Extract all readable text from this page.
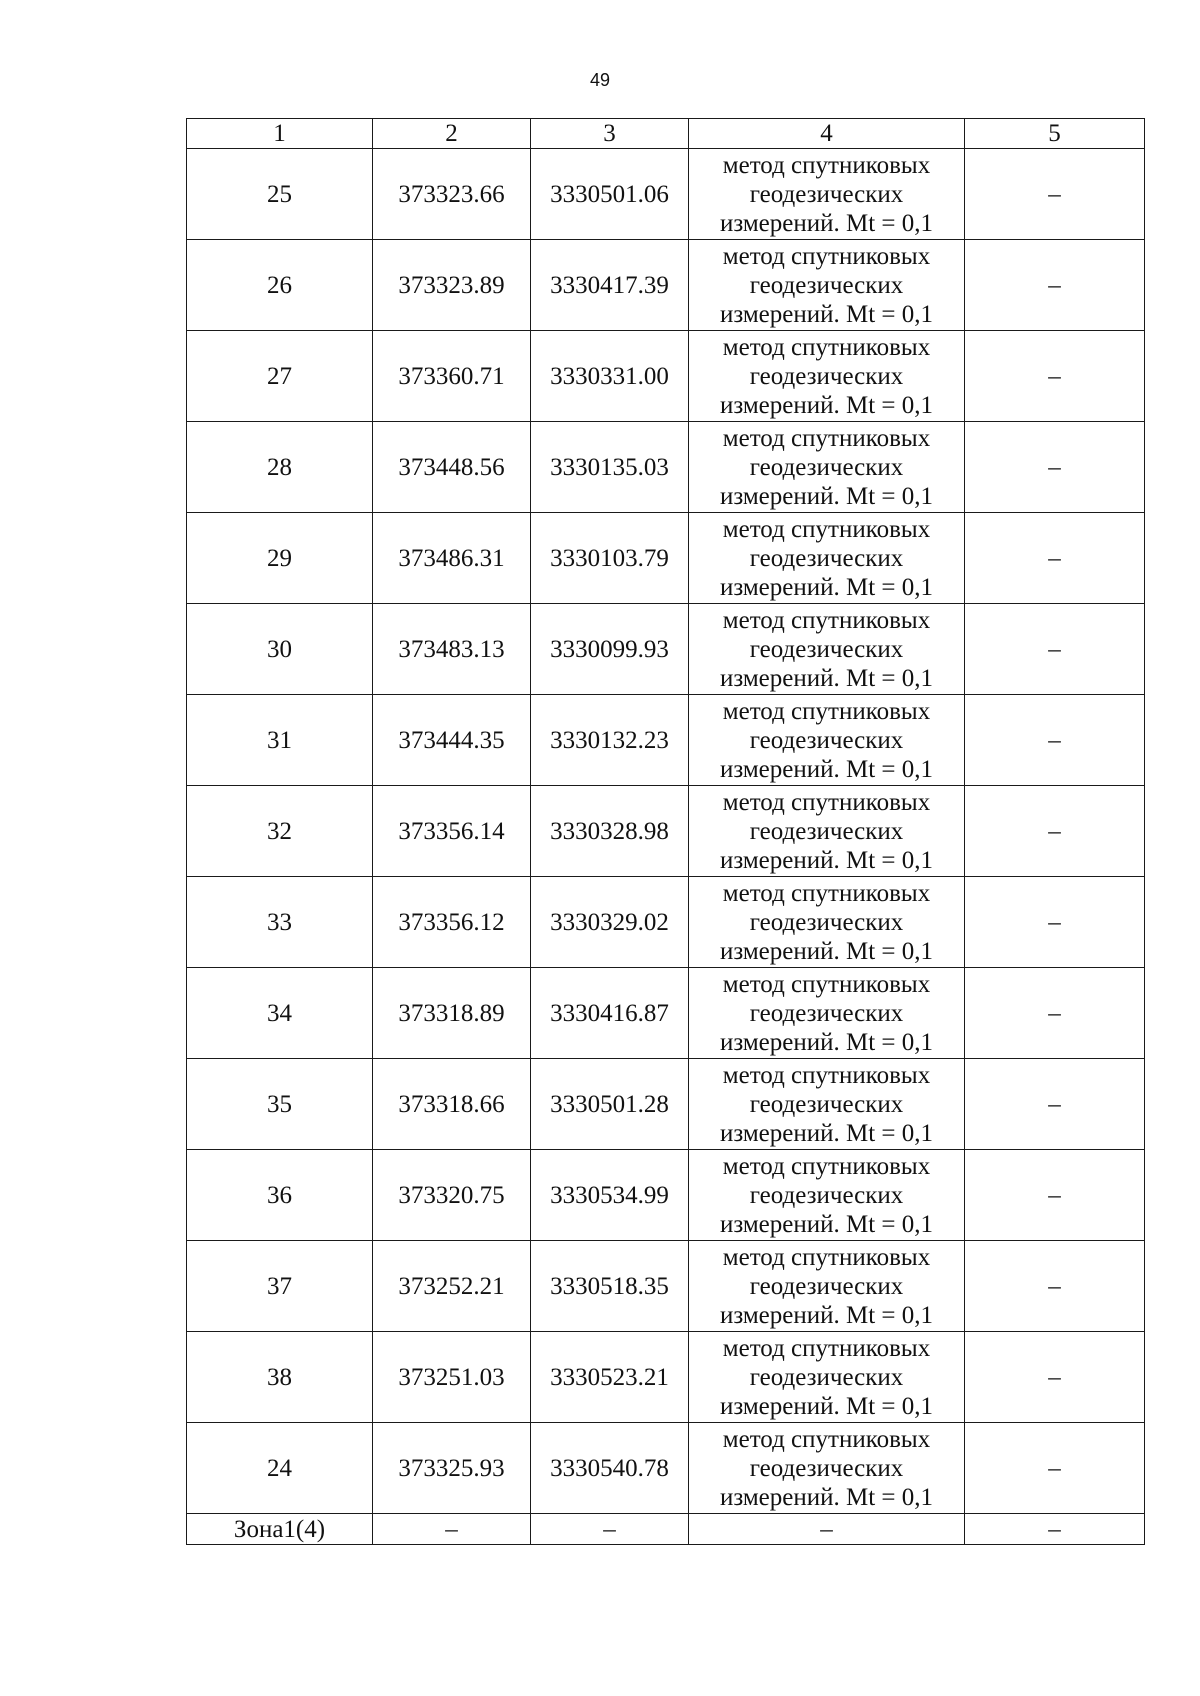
49
1	2	3	4	5
25	373323.66	3330501.06	метод спутниковых
геодезических
измерений. Mt = 0,1	–
26	373323.89	3330417.39	метод спутниковых
геодезических
измерений. Mt = 0,1	–
27	373360.71	3330331.00	метод спутниковых
геодезических
измерений. Mt = 0,1	–
28	373448.56	3330135.03	метод спутниковых
геодезических
измерений. Mt = 0,1	–
29	373486.31	3330103.79	метод спутниковых
геодезических
измерений. Mt = 0,1	–
30	373483.13	3330099.93	метод спутниковых
геодезических
измерений. Mt = 0,1	–
31	373444.35	3330132.23	метод спутниковых
геодезических
измерений. Mt = 0,1	–
32	373356.14	3330328.98	метод спутниковых
геодезических
измерений. Mt = 0,1	–
33	373356.12	3330329.02	метод спутниковых
геодезических
измерений. Mt = 0,1	–
34	373318.89	3330416.87	метод спутниковых
геодезических
измерений. Mt = 0,1	–
35	373318.66	3330501.28	метод спутниковых
геодезических
измерений. Mt = 0,1	–
36	373320.75	3330534.99	метод спутниковых
геодезических
измерений. Mt = 0,1	–
37	373252.21	3330518.35	метод спутниковых
геодезических
измерений. Mt = 0,1	–
38	373251.03	3330523.21	метод спутниковых
геодезических
измерений. Mt = 0,1	–
24	373325.93	3330540.78	метод спутниковых
геодезических
измерений. Mt = 0,1	–
Зона1(4)	–	–	–	–
